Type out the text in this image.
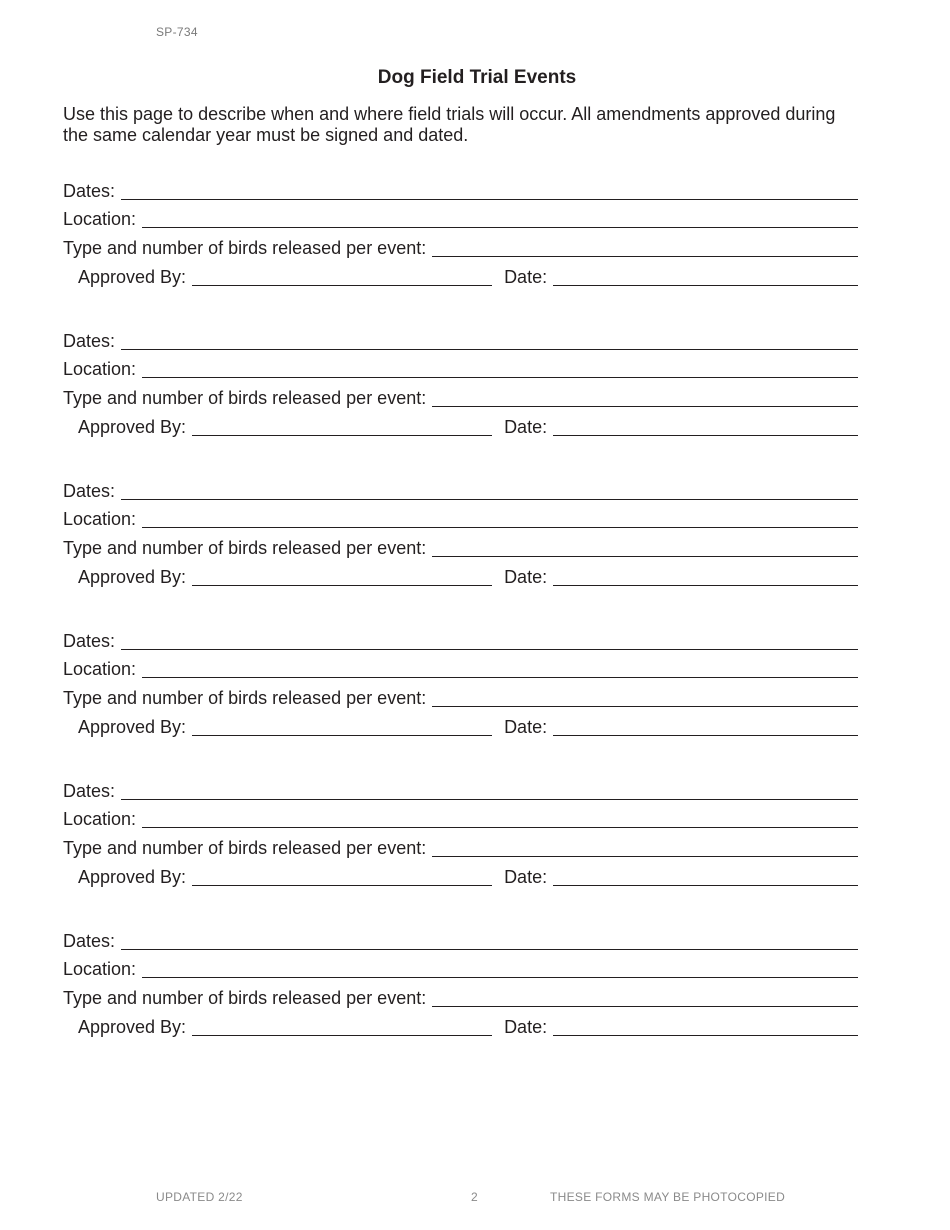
SP-734
Dog Field Trial Events
Use this page to describe when and where field trials will occur. All amendments approved during the same calendar year must be signed and dated.
Dates:
Location:
Type and number of birds released per event:
Approved By:	Date:
Dates:
Location:
Type and number of birds released per event:
Approved By:	Date:
Dates:
Location:
Type and number of birds released per event:
Approved By:	Date:
Dates:
Location:
Type and number of birds released per event:
Approved By:	Date:
Dates:
Location:
Type and number of birds released per event:
Approved By:	Date:
Dates:
Location:
Type and number of birds released per event:
Approved By:	Date:
UPDATED 2/22	2	THESE FORMS MAY BE PHOTOCOPIED
